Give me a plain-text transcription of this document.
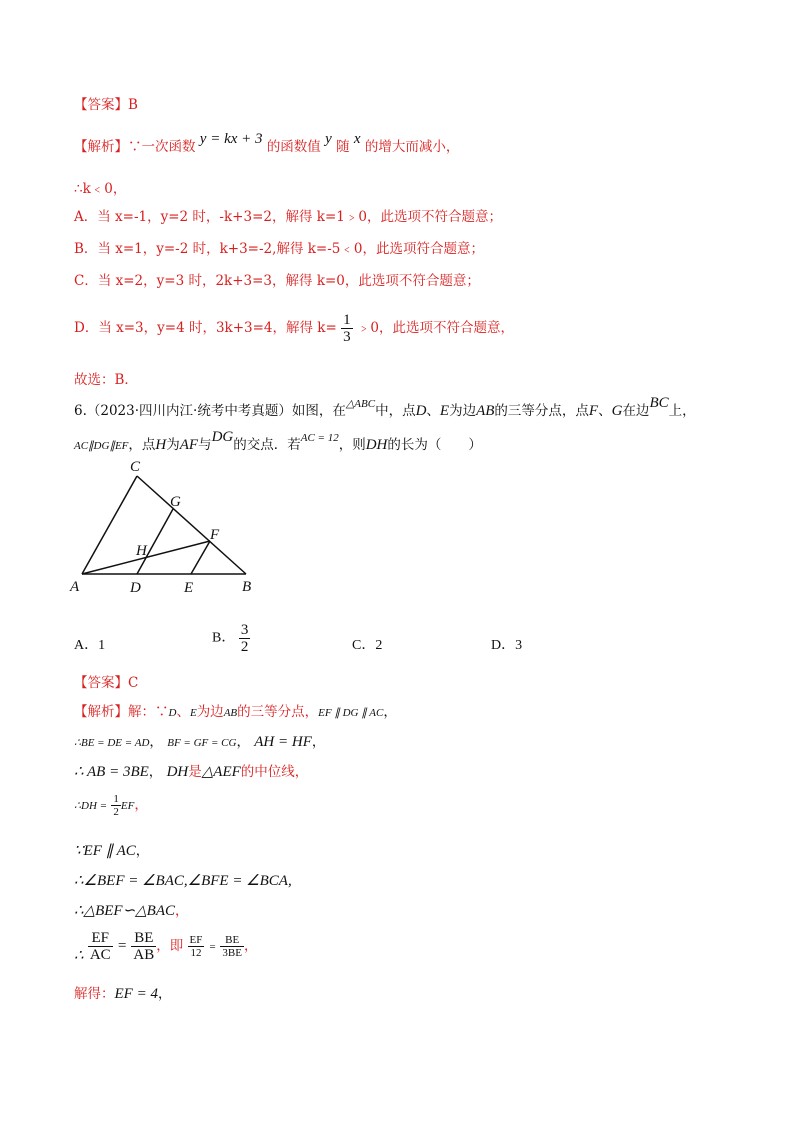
【答案】B
【解析】∵一次函数 y = kx + 3 的函数值 y 随 x 的增大而减小，
∴k﹤0，
A．当 x=-1，y=2 时，-k+3=2，解得 k=1﹥0，此选项不符合题意；
B．当 x=1，y=-2 时，k+3=-2,解得 k=-5﹤0，此选项符合题意；
C．当 x=2，y=3 时，2k+3=3，解得 k=0，此选项不符合题意；
D．当 x=3，y=4 时，3k+3=4，解得 $k= \frac{1}{3}$ ﹥0，此选项不符合题意，
故选：B．
6.（2023·四川内江·统考中考真题）如图，在$^{\triangle ABC}$中，点D、E为边AB的三等分点，点F、G在边BC上，
AC∥DG∥EF，点H为AF与DG的交点．若$^{AC = 12}$，则DH的长为（　　）
C
G
F
H
A	D	E	B
A．1	B． $\frac{3}{2}$	C．2	D．3
【答案】C
【解析】解：∵D、E为边AB的三等分点，EF ∥ DG ∥ AC，
∴BE = DE = AD， BF = GF = CG， AH = HF，
∴ AB = 3BE， DH是△AEF的中位线，
∴DH = $\frac{1}{2}$ EF，
∵EF ∥ AC，
∴∠BEF = ∠BAC,∠BFE = ∠BCA,
∴△BEF∽△BAC，
∴ $\frac{EF}{AC} = \frac{BE}{AB}$ ，即 $\frac{EF}{12} = \frac{BE}{3BE}$ ，
解得：EF = 4，
